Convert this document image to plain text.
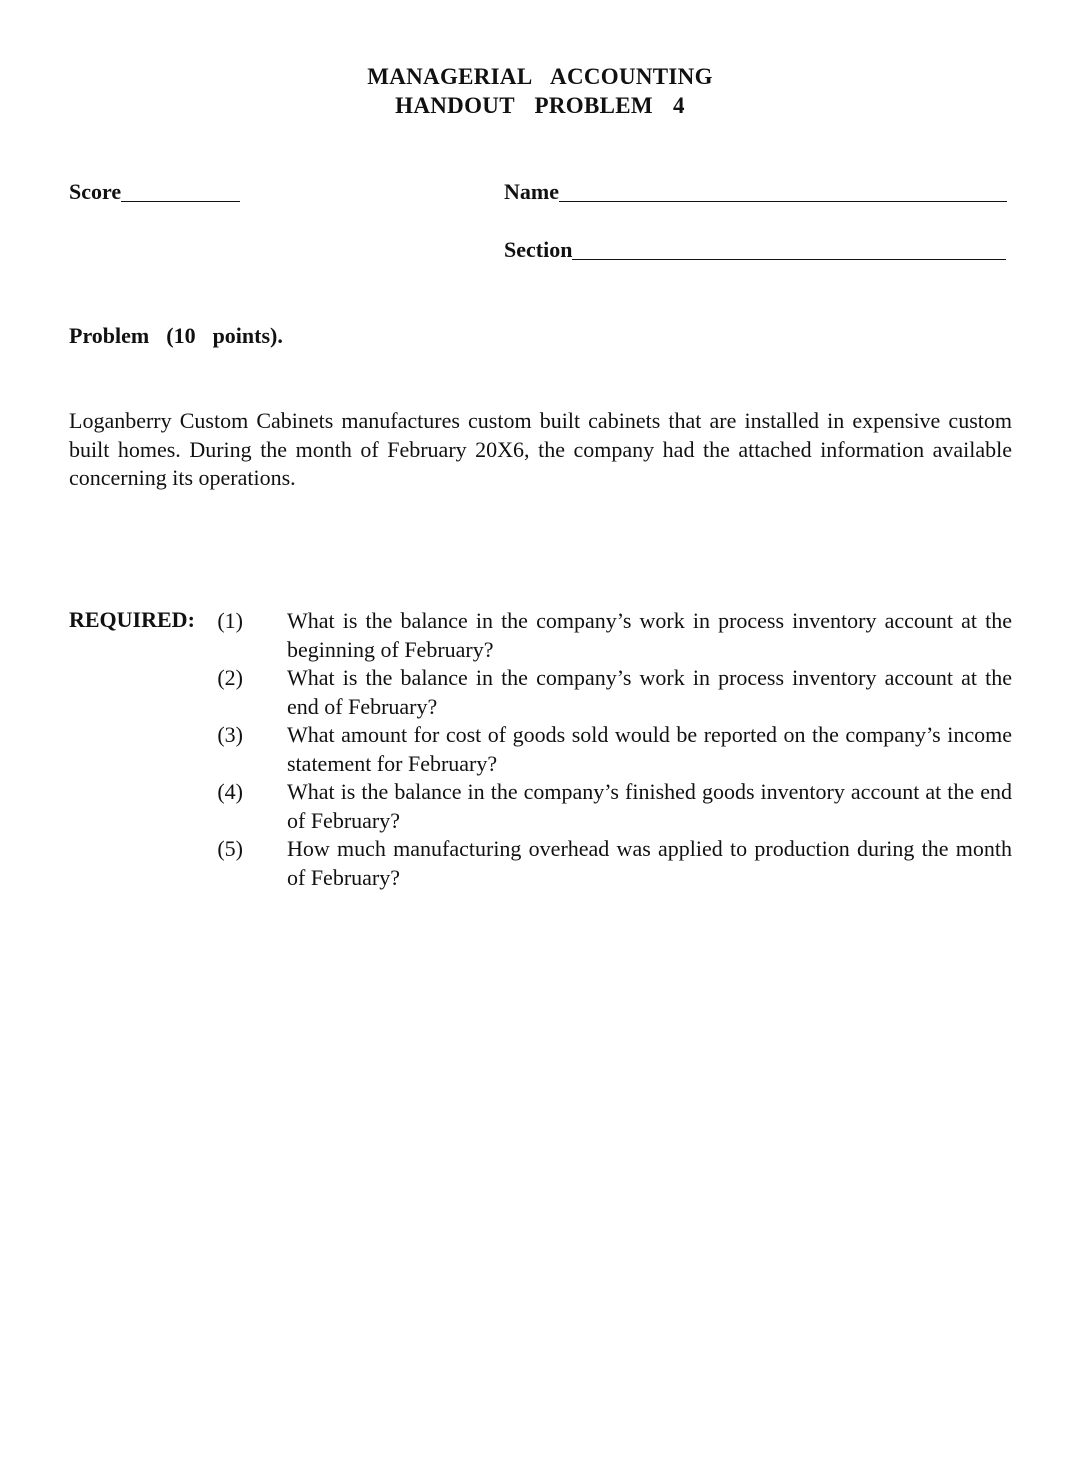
MANAGERIAL  ACCOUNTING
HANDOUT  PROBLEM  4
Score	Name
Section
Problem  (10  points).
Loganberry Custom Cabinets manufactures custom built cabinets that are installed in expensive custom built homes. During the month of February 20X6, the company had the attached information available concerning its operations.
REQUIRED:	(1) What is the balance in the company’s work in process inventory account at the beginning of February?
(2) What is the balance in the company’s work in process inventory account at the end of February?
(3) What amount for cost of goods sold would be reported on the company’s income statement for February?
(4) What is the balance in the company’s finished goods inventory account at the end of February?
(5) How much manufacturing overhead was applied to production during the month of February?
